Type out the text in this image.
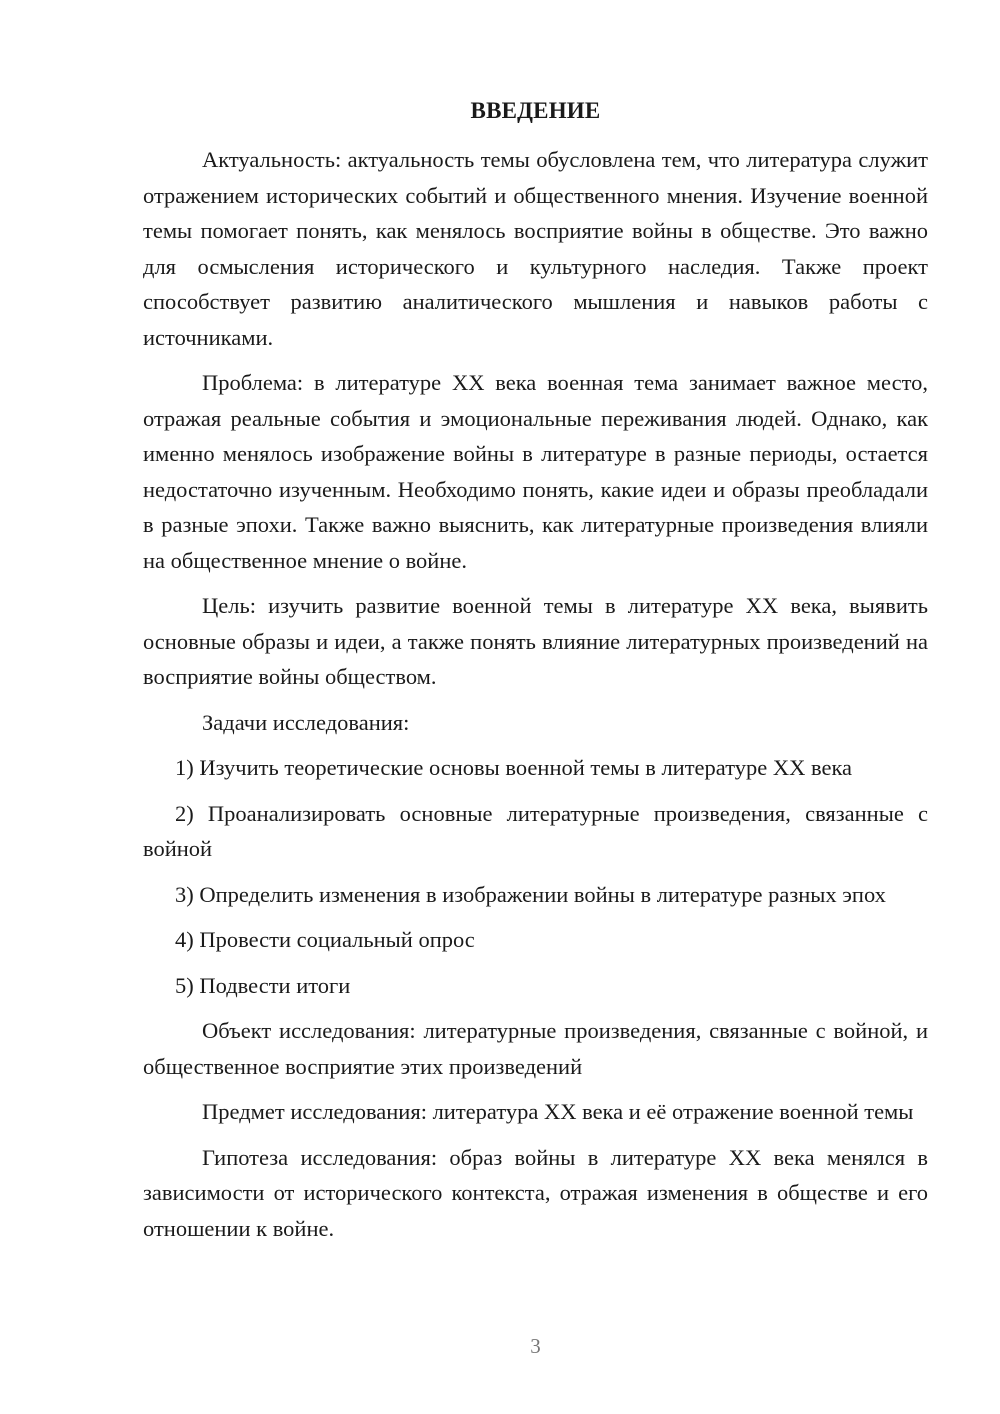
ВВЕДЕНИЕ

Актуальность: актуальность темы обусловлена тем, что литература служит отражением исторических событий и общественного мнения. Изучение военной темы помогает понять, как менялось восприятие войны в обществе. Это важно для осмысления исторического и культурного наследия. Также проект способствует развитию аналитического мышления и навыков работы с источниками.

Проблема: в литературе XX века военная тема занимает важное место, отражая реальные события и эмоциональные переживания людей. Однако, как именно менялось изображение войны в литературе в разные периоды, остается недостаточно изученным. Необходимо понять, какие идеи и образы преобладали в разные эпохи. Также важно выяснить, как литературные произведения влияли на общественное мнение о войне.

Цель: изучить развитие военной темы в литературе XX века, выявить основные образы и идеи, а также понять влияние литературных произведений на восприятие войны обществом.

Задачи исследования:

1) Изучить теоретические основы военной темы в литературе XX века

2) Проанализировать основные литературные произведения, связанные с войной

3) Определить изменения в изображении войны в литературе разных эпох

4) Провести социальный опрос

5) Подвести итоги

Объект исследования: литературные произведения, связанные с войной, и общественное восприятие этих произведений

Предмет исследования: литература XX века и её отражение военной темы

Гипотеза исследования: образ войны в литературе XX века менялся в зависимости от исторического контекста, отражая изменения в обществе и его отношении к войне.

3
